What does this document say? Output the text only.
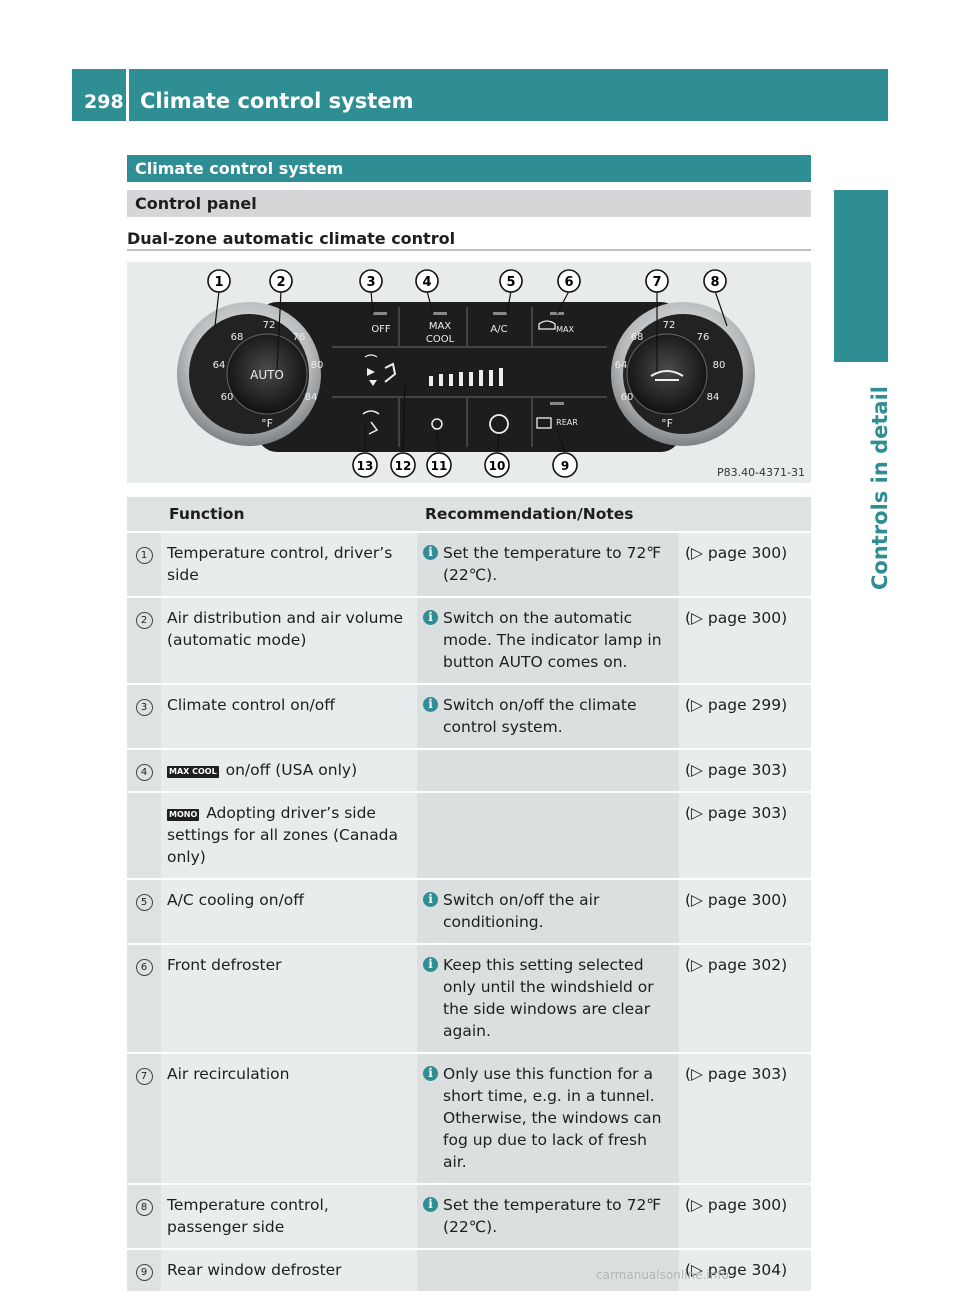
298 Climate control system
Controls in detail
Climate control system
Control panel
Dual-zone automatic climate control
AUTO
°F
72
76
80
84
68
64
60
°F
72
76
80
84
68
64
60
OFF	MAX
COOL
A/C	MAX
REAR
1	2	3	4	5	6	7	8
13 12 11	10	9	P83.40-4371-31
	Function	Recommendation/Notes	
1	Temperature control, driver’s side	i Set the temperature to 72℉ (22℃).	(▷ page 300)
2	Air distribution and air volume (automatic mode)	i Switch on the automatic mode. The indicator lamp in button AUTO comes on.	(▷ page 300)
3	Climate control on/off	i Switch on/off the climate control system.	(▷ page 299)
4	MAX COOL on/off (USA only)		(▷ page 303)
	MONO Adopting driver’s side settings for all zones (Canada only)		(▷ page 303)
5	A/C cooling on/off	i Switch on/off the air conditioning.	(▷ page 300)
6	Front defroster	i Keep this setting selected only until the windshield or the side windows are clear again.	(▷ page 302)
7	Air recirculation	i Only use this function for a short time, e.g. in a tunnel. Otherwise, the windows can fog up due to lack of fresh air.	(▷ page 303)
8	Temperature control, passenger side	i Set the temperature to 72℉ (22℃).	(▷ page 300)
9	Rear window defroster		(▷ page 304)
carmanualsonline.info
